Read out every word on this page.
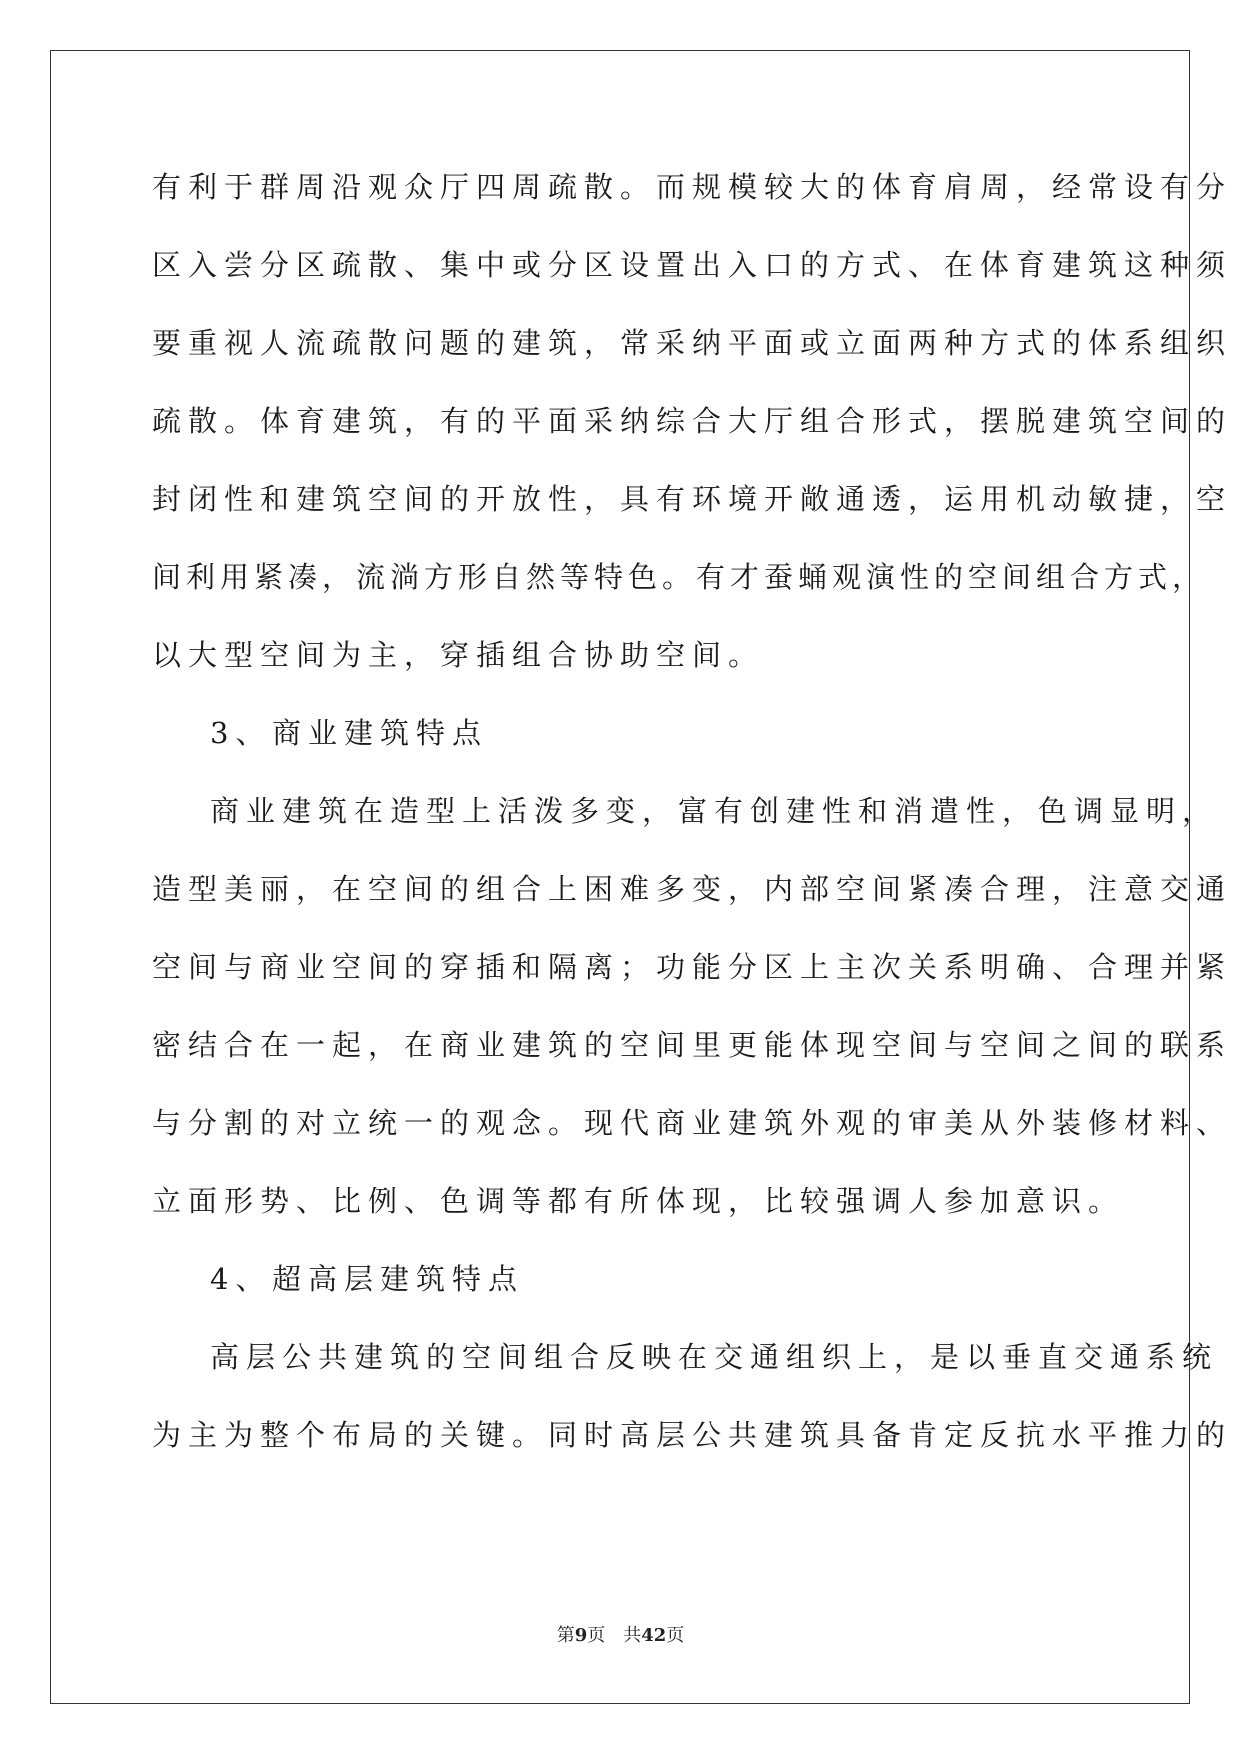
有利于群周沿观众厅四周疏散。而规模较大的体育肩周，经常设有分
区入尝分区疏散、集中或分区设置出入口的方式、在体育建筑这种须
要重视人流疏散问题的建筑，常采纳平面或立面两种方式的体系组织
疏散。体育建筑，有的平面采纳综合大厅组合形式，摆脱建筑空间的
封闭性和建筑空间的开放性，具有环境开敞通透，运用机动敏捷，空
间利用紧凑，流淌方形自然等特色。有才蚕蛹观演性的空间组合方式，
以大型空间为主，穿插组合协助空间。
3、商业建筑特点
商业建筑在造型上活泼多变，富有创建性和消遣性，色调显明，
造型美丽，在空间的组合上困难多变，内部空间紧凑合理，注意交通
空间与商业空间的穿插和隔离；功能分区上主次关系明确、合理并紧
密结合在一起，在商业建筑的空间里更能体现空间与空间之间的联系
与分割的对立统一的观念。现代商业建筑外观的审美从外装修材料、
立面形势、比例、色调等都有所体现，比较强调人参加意识。
4、超高层建筑特点
高层公共建筑的空间组合反映在交通组织上，是以垂直交通系统
为主为整个布局的关键。同时高层公共建筑具备肯定反抗水平推力的
第9页　共42页
